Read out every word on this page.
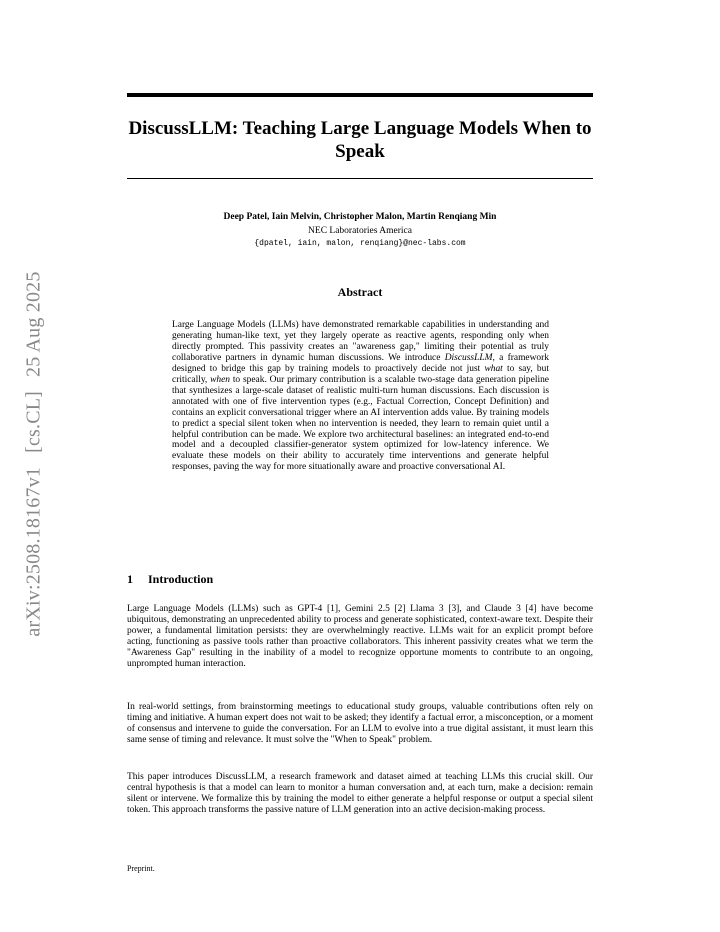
arXiv:2508.18167v1[cs.CL]25 Aug 2025
DiscussLLM: Teaching Large Language Models When to Speak
Deep Patel, Iain Melvin, Christopher Malon, Martin Renqiang Min
NEC Laboratories America
{dpatel, iain, malon, renqiang}@nec-labs.com
Abstract
Large Language Models (LLMs) have demonstrated remarkable capabilities in understanding and generating human-like text, yet they largely operate as reactive agents, responding only when directly prompted. This passivity creates an "awareness gap," limiting their potential as truly collaborative partners in dynamic human discussions. We introduce DiscussLLM, a framework designed to bridge this gap by training models to proactively decide not just what to say, but critically, when to speak. Our primary contribution is a scalable two-stage data generation pipeline that synthesizes a large-scale dataset of realistic multi-turn human discussions. Each discussion is annotated with one of five intervention types (e.g., Factual Correction, Concept Definition) and contains an explicit conversational trigger where an AI intervention adds value. By training models to predict a special silent token when no intervention is needed, they learn to remain quiet until a helpful contribution can be made. We explore two architectural baselines: an integrated end-to-end model and a decoupled classifier-generator system optimized for low-latency inference. We evaluate these models on their ability to accurately time interventions and generate helpful responses, paving the way for more situationally aware and proactive conversational AI.
1 Introduction

Large Language Models (LLMs) such as GPT-4 [1], Gemini 2.5 [2] Llama 3 [3], and Claude 3 [4] have become ubiquitous, demonstrating an unprecedented ability to process and generate sophisticated, context-aware text. Despite their power, a fundamental limitation persists: they are overwhelmingly reactive. LLMs wait for an explicit prompt before acting, functioning as passive tools rather than proactive collaborators. This inherent passivity creates what we term the "Awareness Gap" resulting in the inability of a model to recognize opportune moments to contribute to an ongoing, unprompted human interaction.

In real-world settings, from brainstorming meetings to educational study groups, valuable contributions often rely on timing and initiative. A human expert does not wait to be asked; they identify a factual error, a misconception, or a moment of consensus and intervene to guide the conversation. For an LLM to evolve into a true digital assistant, it must learn this same sense of timing and relevance. It must solve the "When to Speak" problem.

This paper introduces DiscussLLM, a research framework and dataset aimed at teaching LLMs this crucial skill. Our central hypothesis is that a model can learn to monitor a human conversation and, at each turn, make a decision: remain silent or intervene. We formalize this by training the model to either generate a helpful response or output a special silent token. This approach transforms the passive nature of LLM generation into an active decision-making process.

Preprint.
